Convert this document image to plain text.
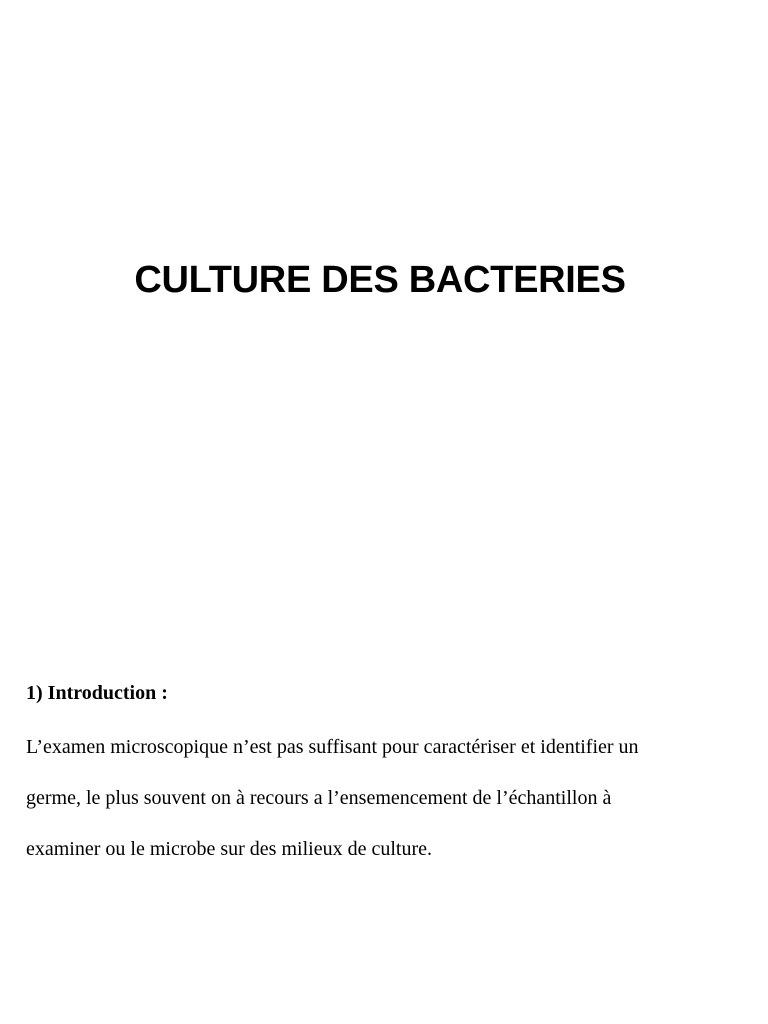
CULTURE DES BACTERIES
1) Introduction :

L’examen microscopique n’est pas suffisant pour caractériser et identifier un
germe, le plus souvent on à recours a l’ensemencement de l’échantillon à
examiner ou le microbe sur des milieux de culture.
